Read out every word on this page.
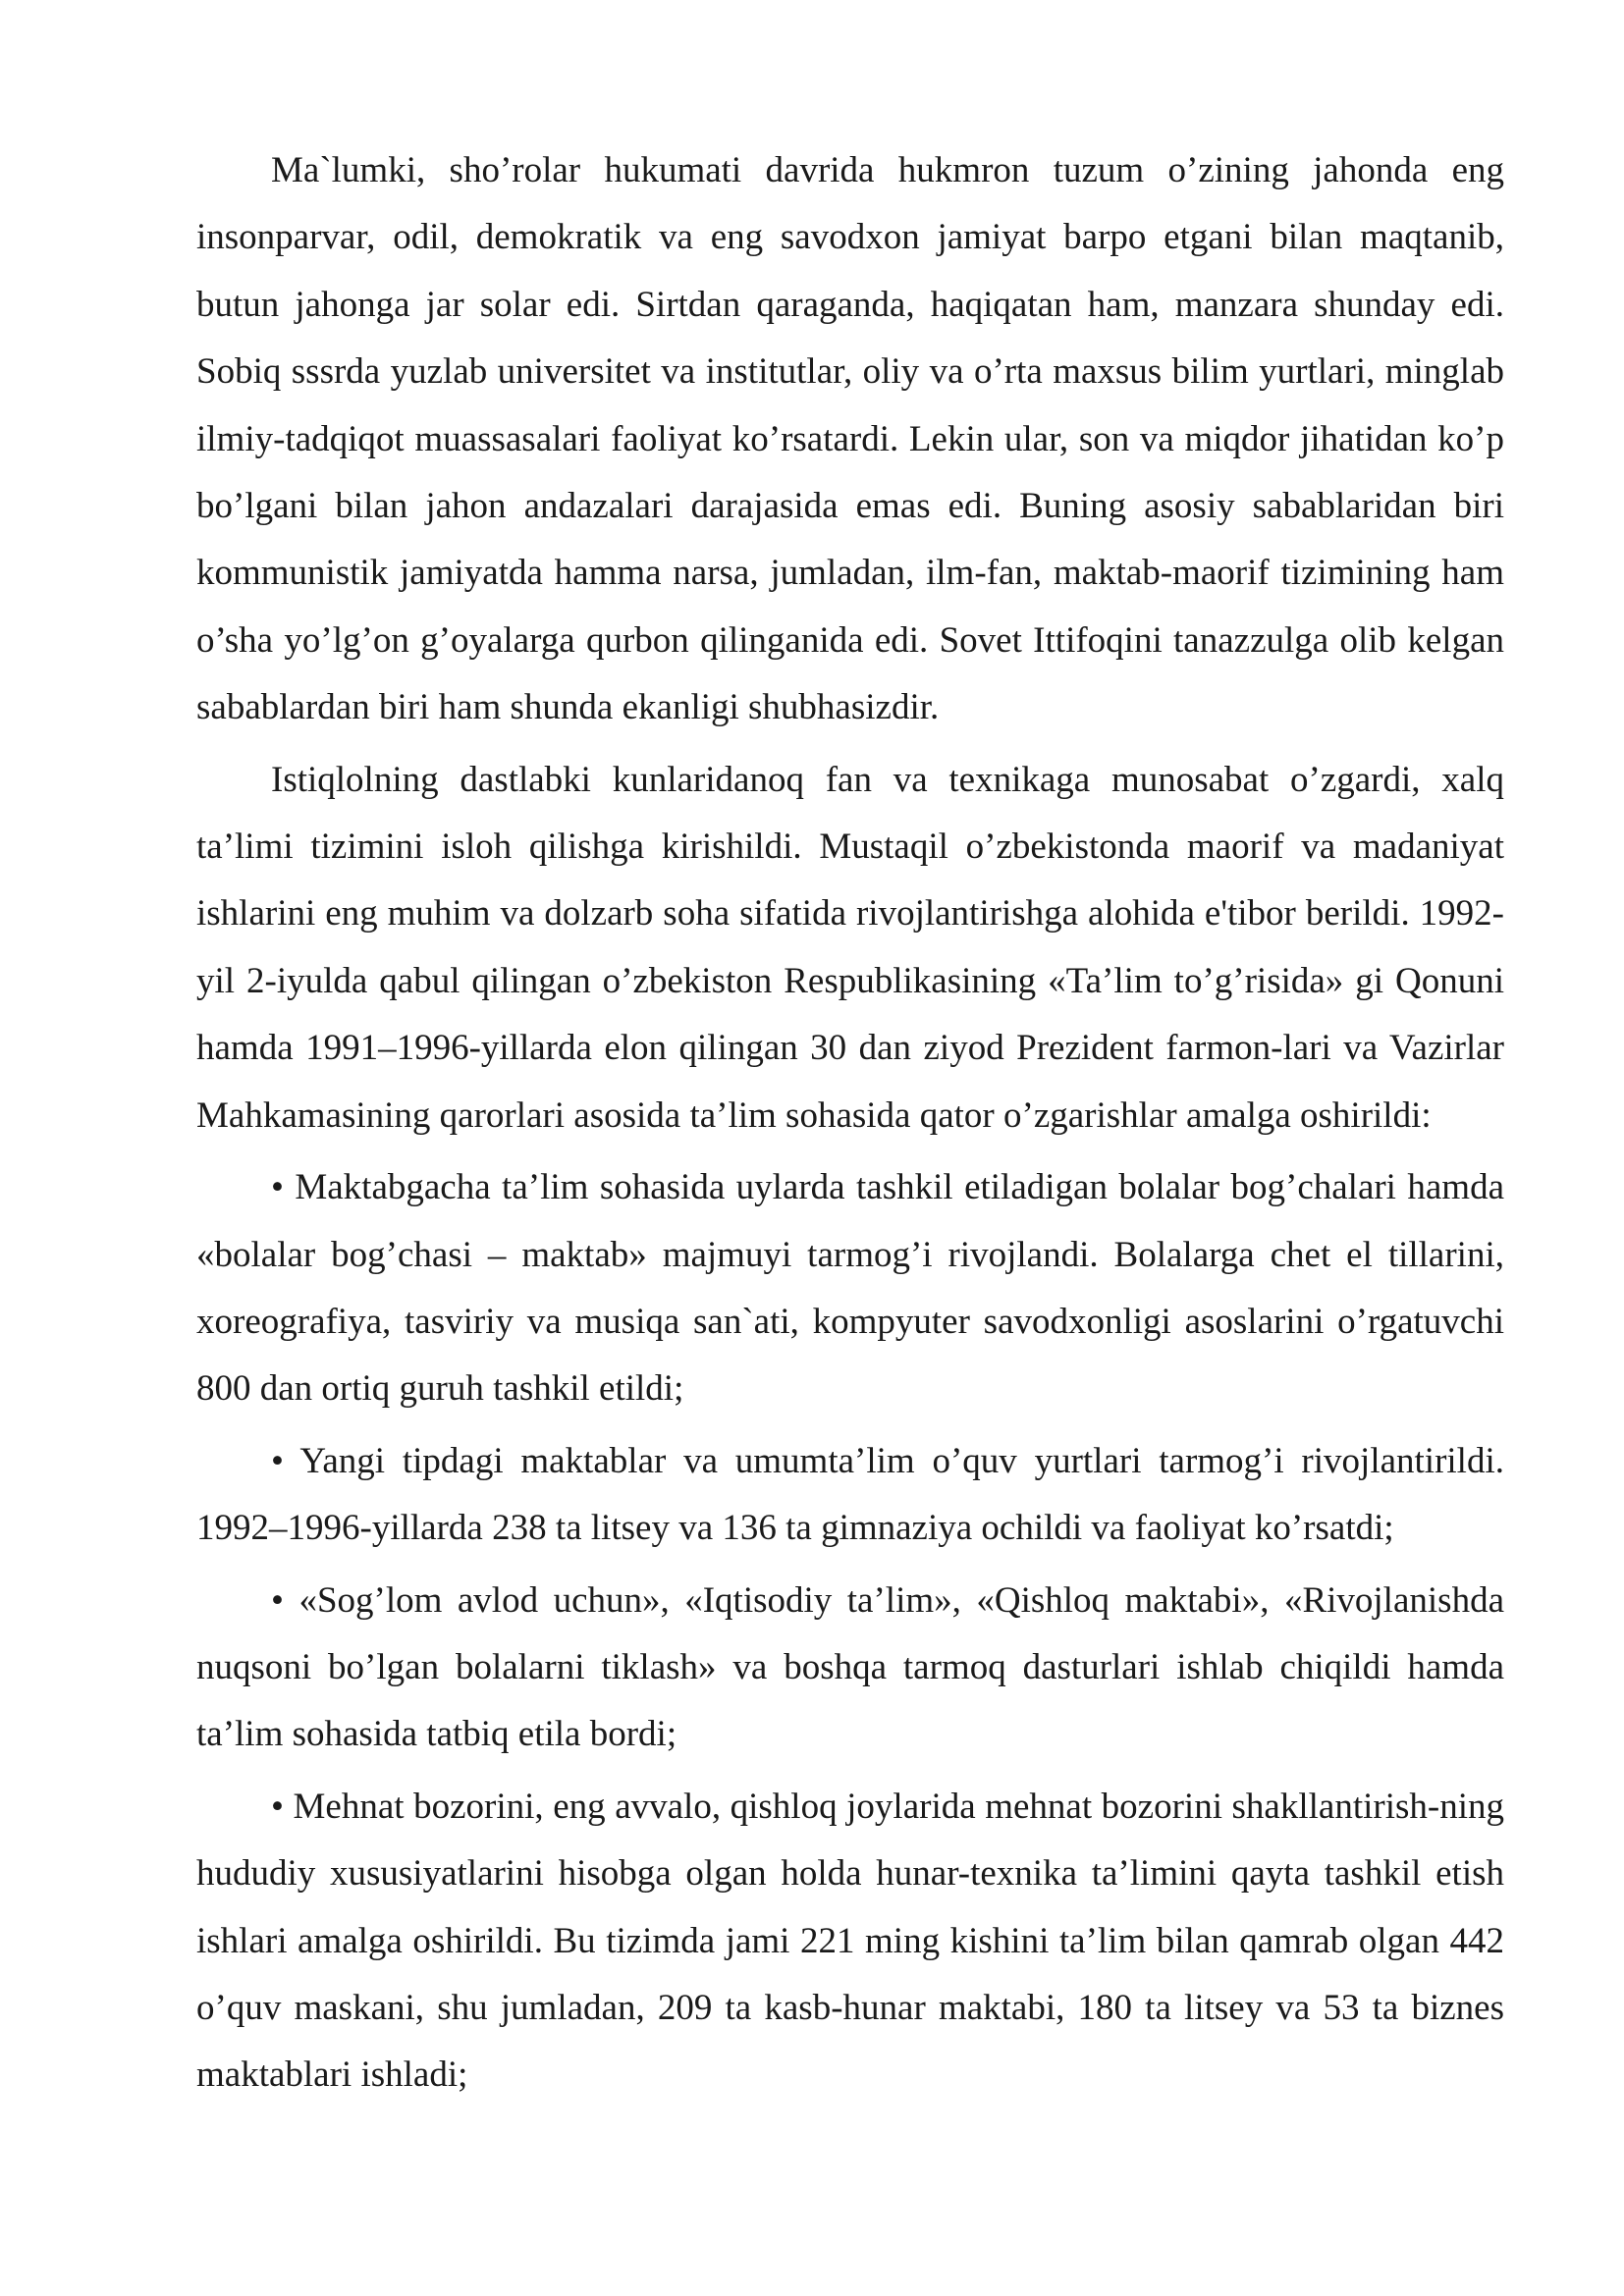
Ma`lumki, sho’rolar hukumati davrida hukmron tuzum o’zining jahonda eng insonparvar, odil, demokratik va eng savodxon jamiyat barpo etgani bilan maqtanib, butun jahonga jar solar edi. Sirtdan qaraganda, haqiqatan ham, manzara shunday edi. Sobiq sssrda yuzlab universitet va institutlar, oliy va o’rta maxsus bilim yurtlari, minglab ilmiy-tadqiqot muassasalari faoliyat ko’rsatardi. Lekin ular, son va miqdor jihatidan ko’p bo’lgani bilan jahon andazalari darajasida emas edi. Buning asosiy sabablaridan biri kommunistik jamiyatda hamma narsa, jumladan, ilm-fan, maktab-maorif tizimining ham o’sha yo’lg’on g’oyalarga qurbon qilinganida edi. Sovet Ittifoqini tanazzulga olib kelgan sabablardan biri ham shunda ekanligi shubhasizdir.

Istiqlolning dastlabki kunlaridanoq fan va texnikaga munosabat o’zgardi, xalq ta’limi tizimini isloh qilishga kirishildi. Mustaqil o’zbekistonda maorif va madaniyat ishlarini eng muhim va dolzarb soha sifatida rivojlantirishga alohida e'tibor berildi. 1992-yil 2-iyulda qabul qilingan o’zbekiston Respublikasining «Ta’lim to’g’risida» gi Qonuni hamda 1991–1996-yillarda elon qilingan 30 dan ziyod Prezident farmon-lari va Vazirlar Mahkamasining qarorlari asosida ta’lim sohasida qator o’zgarishlar amalga oshirildi:

• Maktabgacha ta’lim sohasida uylarda tashkil etiladigan bolalar bog’chalari hamda «bolalar bog’chasi – maktab» majmuyi tarmog’i rivojlandi. Bolalarga chet el tillarini, xoreografiya, tasviriy va musiqa san`ati, kompyuter savodxonligi asoslarini o’rgatuvchi 800 dan ortiq guruh tashkil etildi;

• Yangi tipdagi maktablar va umumta’lim o’quv yurtlari tarmog’i rivojlantirildi. 1992–1996-yillarda 238 ta litsey va 136 ta gimnaziya ochildi va faoliyat ko’rsatdi;

• «Sog’lom avlod uchun», «Iqtisodiy ta’lim», «Qishloq maktabi», «Rivojlanishda nuqsoni bo’lgan bolalarni tiklash» va boshqa tarmoq dasturlari ishlab chiqildi hamda ta’lim sohasida tatbiq etila bordi;

• Mehnat bozorini, eng avvalo, qishloq joylarida mehnat bozorini shakllantirish-ning hududiy xususiyatlarini hisobga olgan holda hunar-texnika ta’limini qayta tashkil etish ishlari amalga oshirildi. Bu tizimda jami 221 ming kishini ta’lim bilan qamrab olgan 442 o’quv maskani, shu jumladan, 209 ta kasb-hunar maktabi, 180 ta litsey va 53 ta biznes maktablari ishladi;
